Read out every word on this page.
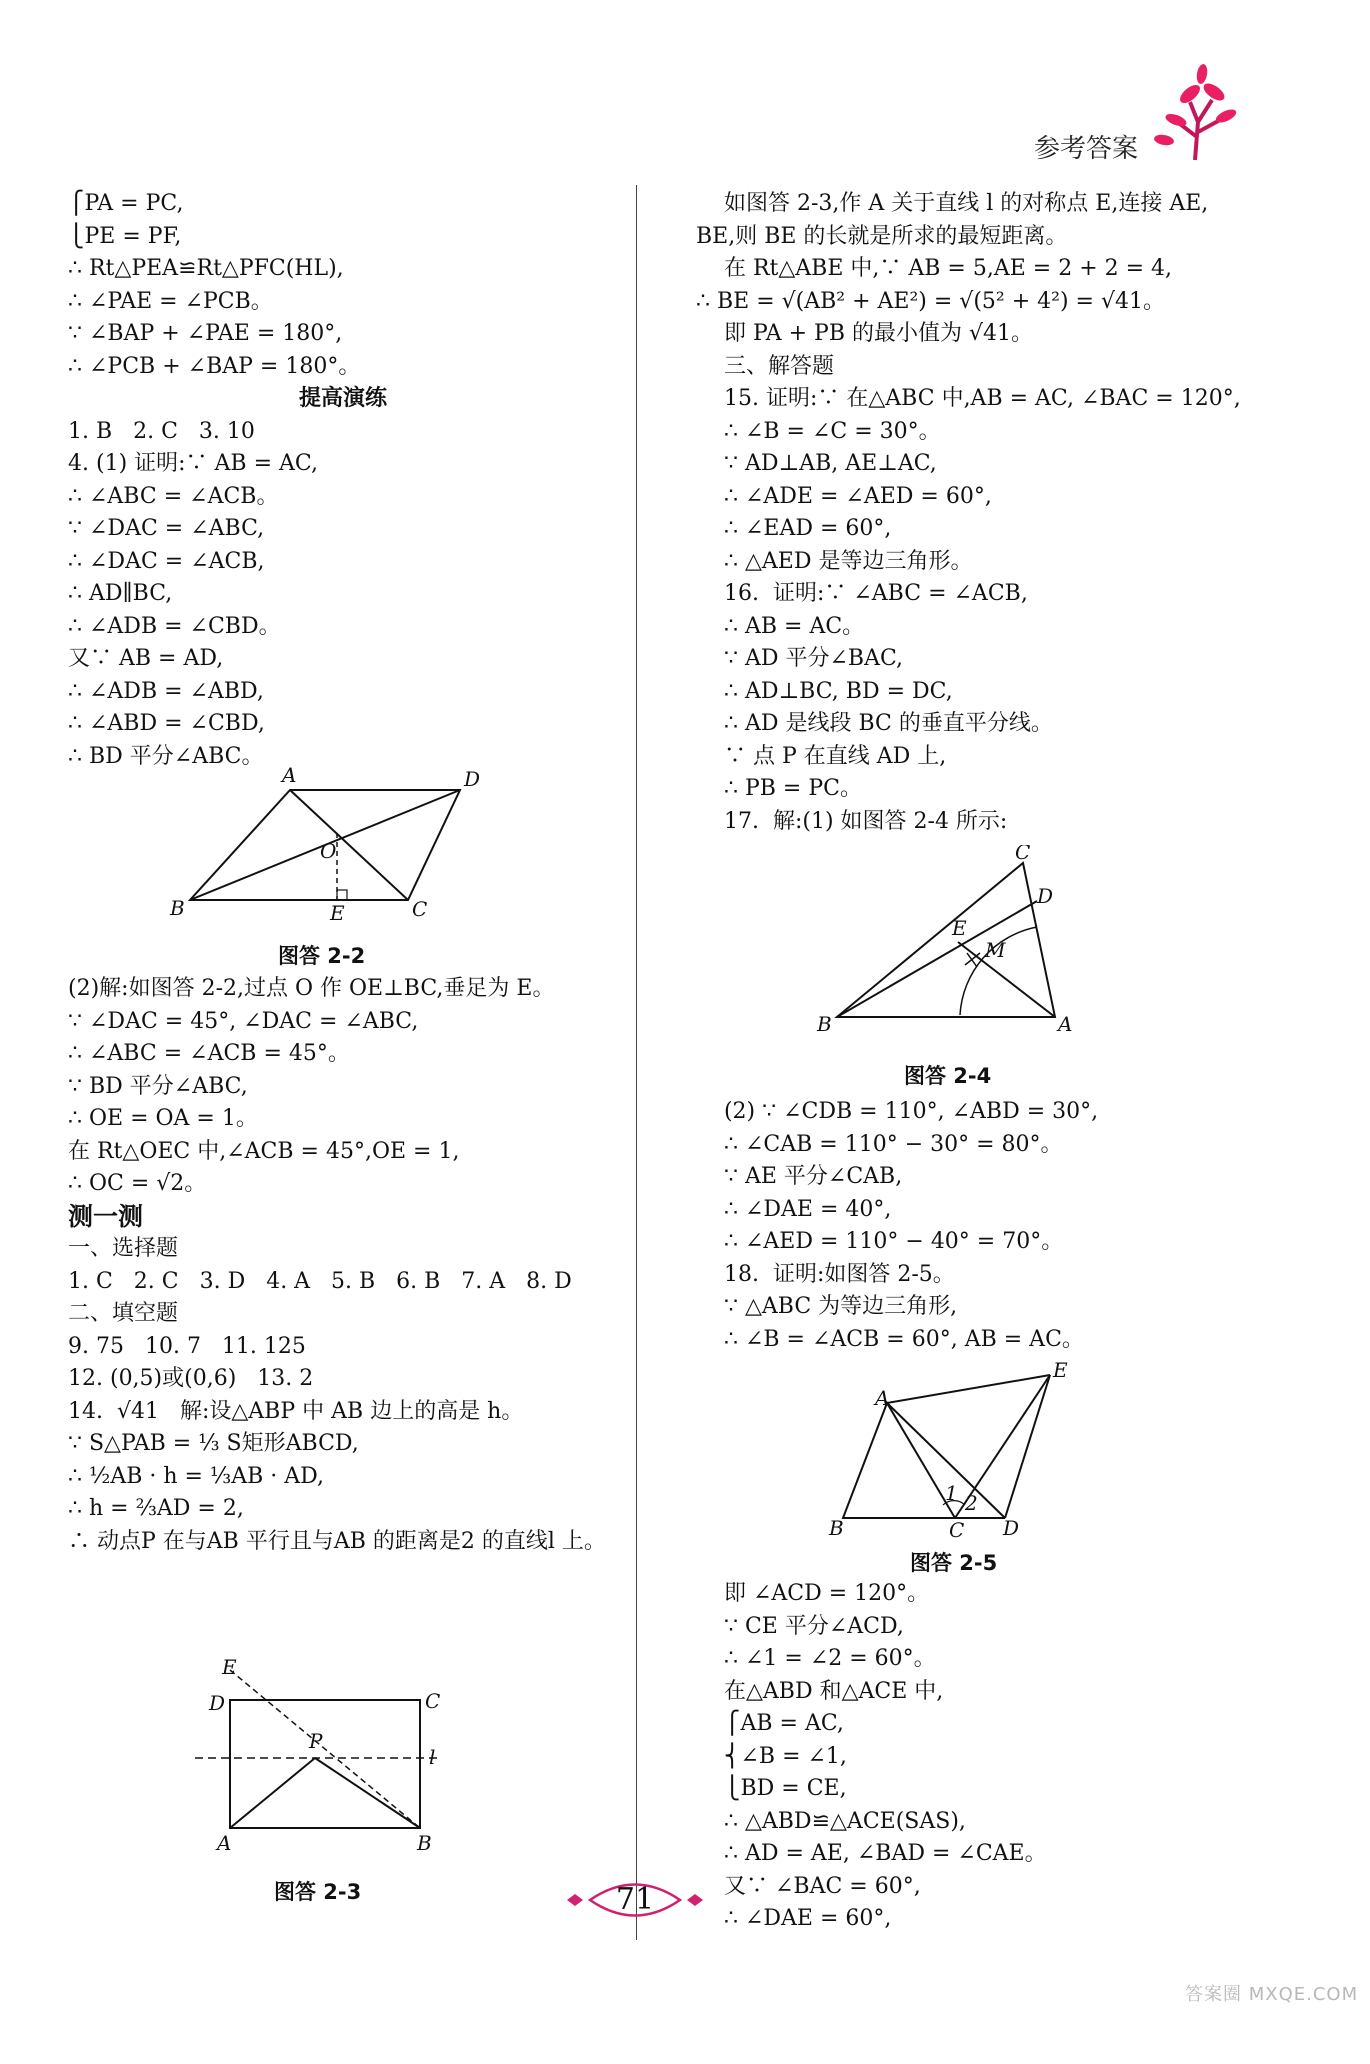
参考答案
⎧PA = PC,
⎩PE = PF,
∴ Rt△PEA≌Rt△PFC(HL),
∴ ∠PAE = ∠PCB。
∵ ∠BAP + ∠PAE = 180°,
∴ ∠PCB + ∠BAP = 180°。
提高演练
1. B   2. C   3. 10
4. (1) 证明:∵ AB = AC,
∴ ∠ABC = ∠ACB。
∵ ∠DAC = ∠ABC,
∴ ∠DAC = ∠ACB,
∴ AD∥BC,
∴ ∠ADB = ∠CBD。
又∵ AB = AD,
∴ ∠ADB = ∠ABD,
∴ ∠ABD = ∠CBD,
∴ BD 平分∠ABC。
A	D
O
B	E	C
图答 2-2
(2)解:如图答 2-2,过点 O 作 OE⊥BC,垂足为 E。
∵ ∠DAC = 45°, ∠DAC = ∠ABC,
∴ ∠ABC = ∠ACB = 45°。
∵ BD 平分∠ABC,
∴ OE = OA = 1。
在 Rt△OEC 中,∠ACB = 45°,OE = 1,
∴ OC = √2。
测一测
一、选择题
1. C   2. C   3. D   4. A   5. B   6. B   7. A   8. D
二、填空题
9. 75   10. 7   11. 125
12. (0,5)或(0,6)   13. 2
14.  √41   解:设△ABP 中 AB 边上的高是 h。
∵ S△PAB = ⅓ S矩形ABCD,
∴ ½AB · h = ⅓AB · AD,
∴ h = ⅔AD = 2,
∴ 动点P 在与AB 平行且与AB 的距离是2 的直线l 上。
E
D	C
P
l
A	B
图答 2-3
如图答 2-3,作 A 关于直线 l 的对称点 E,连接 AE,
BE,则 BE 的长就是所求的最短距离。
在 Rt△ABE 中,∵ AB = 5,AE = 2 + 2 = 4,
∴ BE = √(AB² + AE²) = √(5² + 4²) = √41。
即 PA + PB 的最小值为 √41。
三、解答题
15. 证明:∵ 在△ABC 中,AB = AC, ∠BAC = 120°,
∴ ∠B = ∠C = 30°。
∵ AD⊥AB, AE⊥AC,
∴ ∠ADE = ∠AED = 60°,
∴ ∠EAD = 60°,
∴ △AED 是等边三角形。
16.  证明:∵ ∠ABC = ∠ACB,
∴ AB = AC。
∵ AD 平分∠BAC,
∴ AD⊥BC, BD = DC,
∴ AD 是线段 BC 的垂直平分线。
∵ 点 P 在直线 AD 上,
∴ PB = PC。
17.  解:(1) 如图答 2-4 所示:
C
D
E
M
B	A
图答 2-4
(2) ∵ ∠CDB = 110°, ∠ABD = 30°,
∴ ∠CAB = 110° − 30° = 80°。
∵ AE 平分∠CAB,
∴ ∠DAE = 40°,
∴ ∠AED = 110° − 40° = 70°。
18.  证明:如图答 2-5。
∵ △ABC 为等边三角形,
∴ ∠B = ∠ACB = 60°, AB = AC。
A
E
1 2
B	C D
图答 2-5
即 ∠ACD = 120°。
∵ CE 平分∠ACD,
∴ ∠1 = ∠2 = 60°。
在△ABD 和△ACE 中,
⎧AB = AC,
⎨∠B = ∠1,
⎩BD = CE,
∴ △ABD≌△ACE(SAS),
∴ AD = AE, ∠BAD = ∠CAE。
又∵ ∠BAC = 60°,
∴ ∠DAE = 60°,
71
答案圈 MXQE.COM
